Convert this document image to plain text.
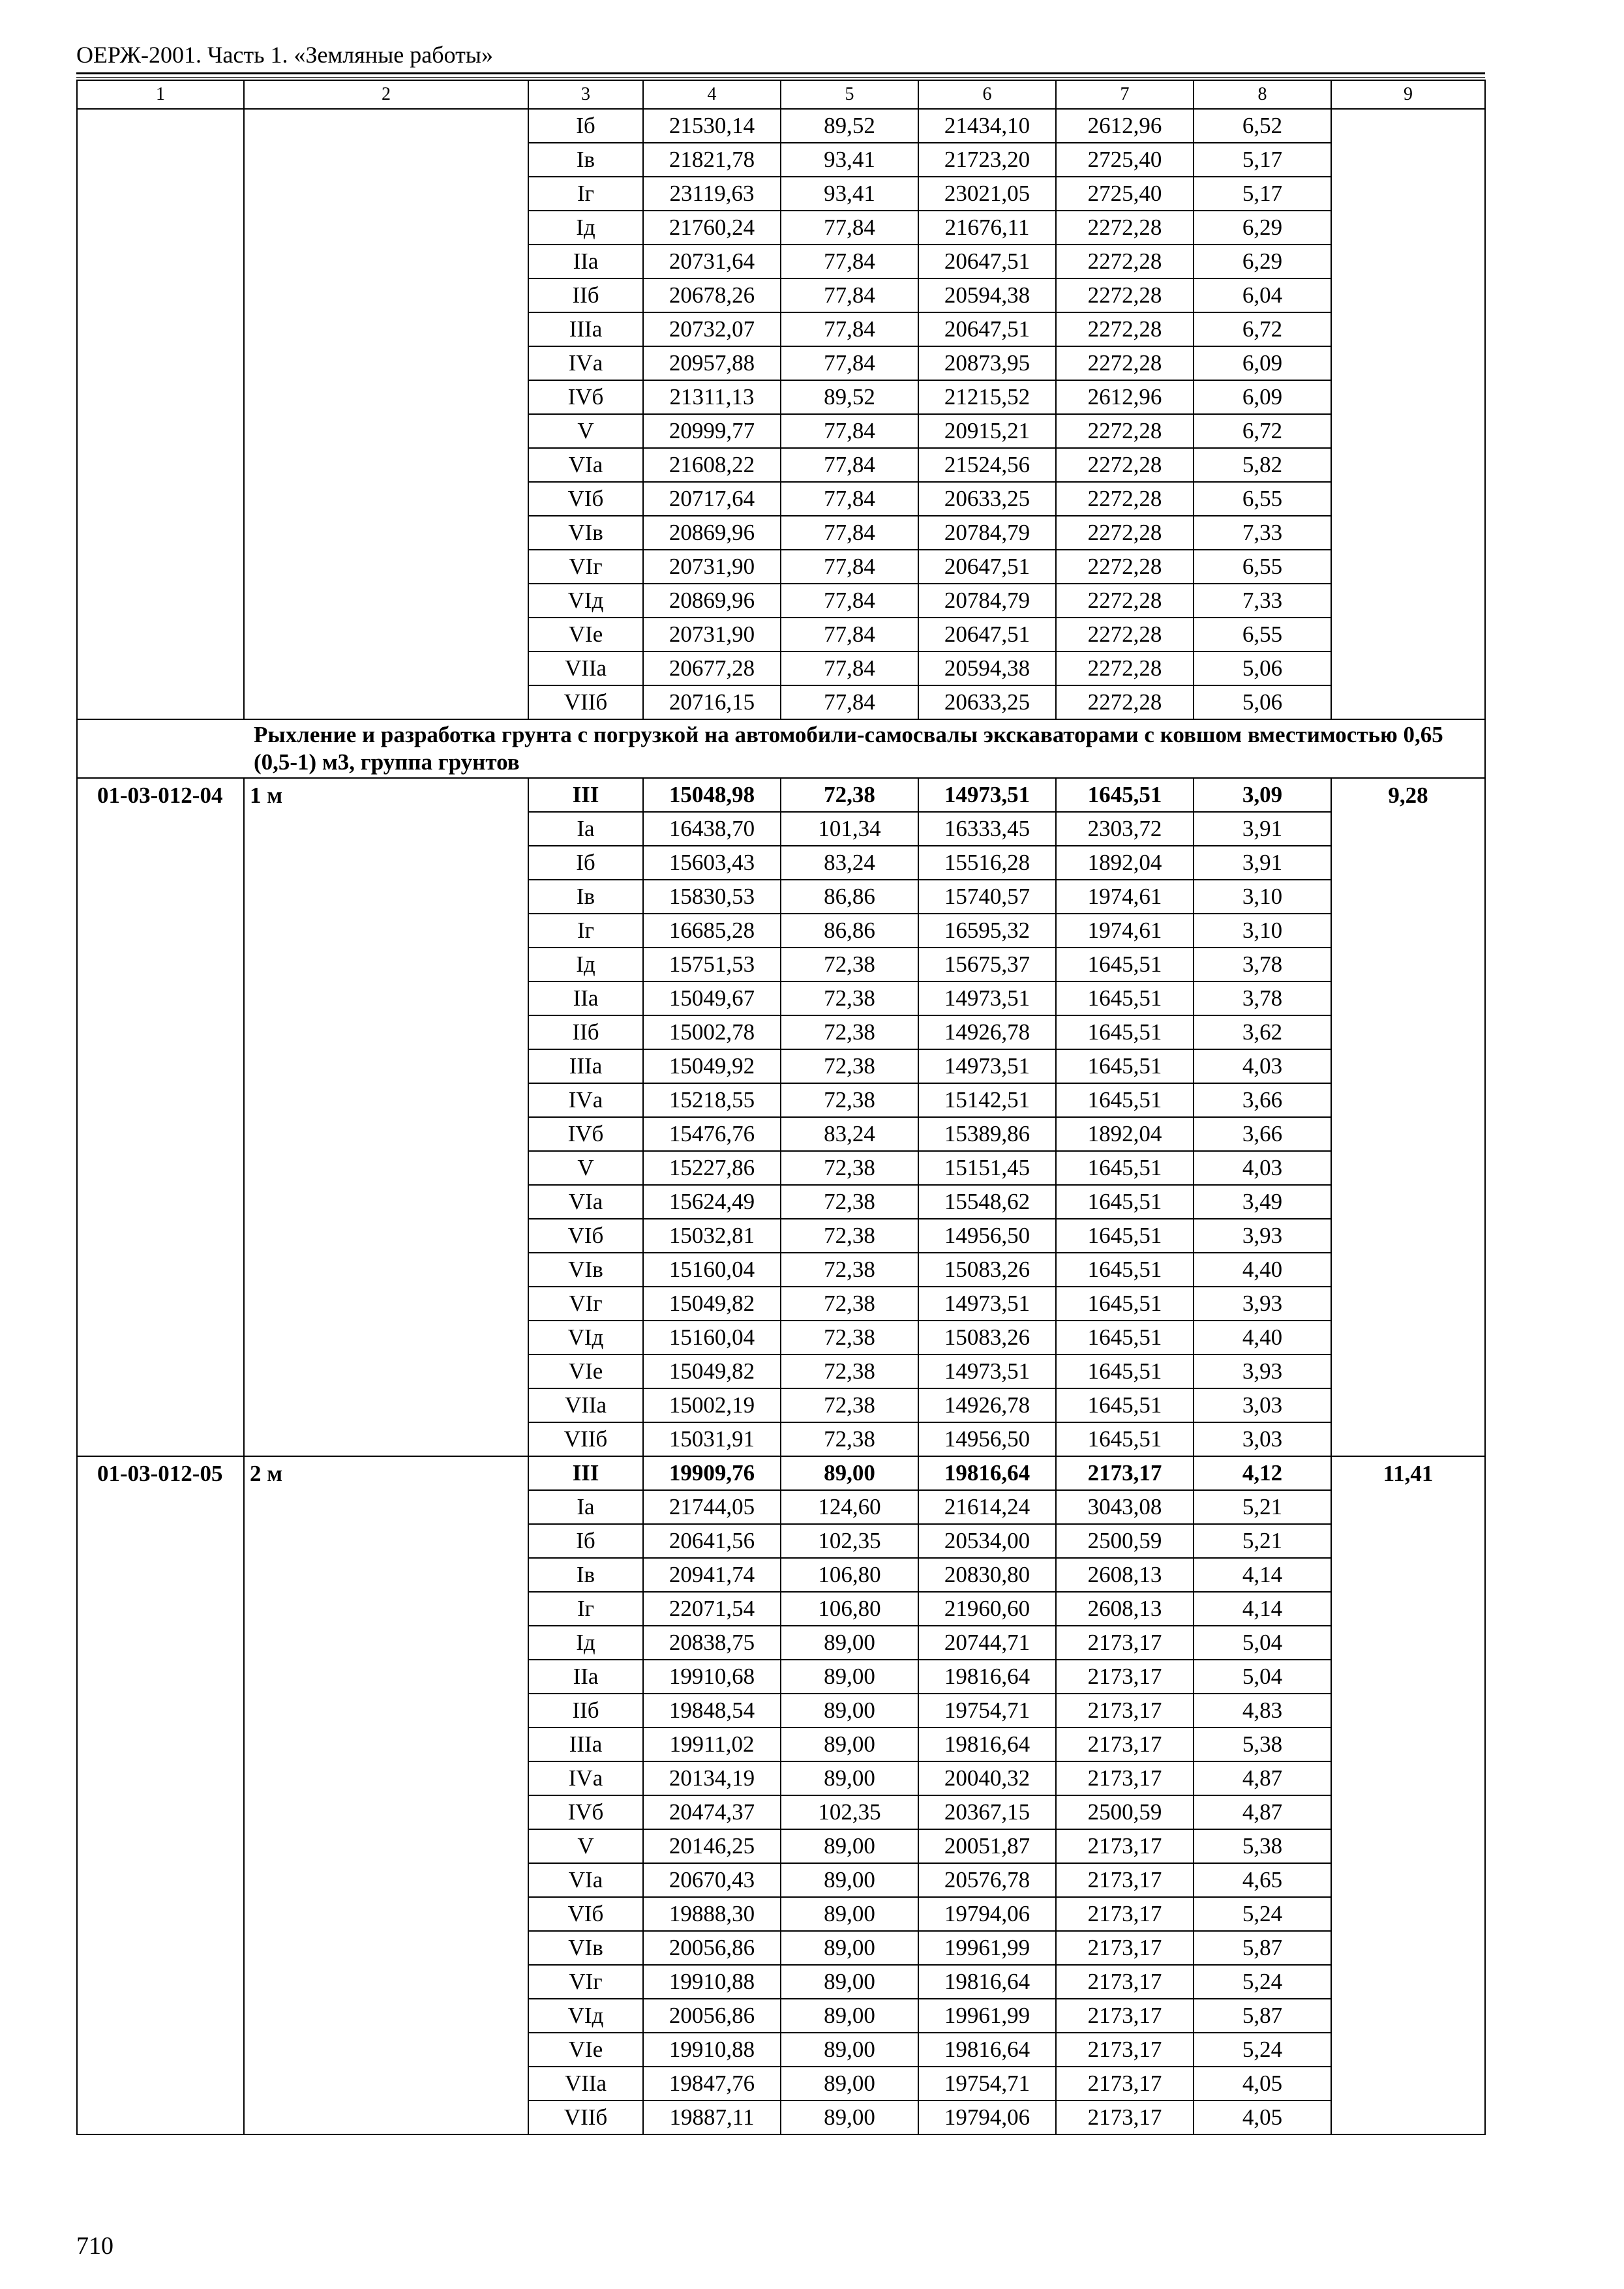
ОЕРЖ-2001. Часть 1. «Земляные работы»
1	2	3	4	5	6	7	8	9
		Iб	21530,14	89,52	21434,10	2612,96	6,52	
		Iв	21821,78	93,41	21723,20	2725,40	5,17	
		Iг	23119,63	93,41	23021,05	2725,40	5,17	
		Iд	21760,24	77,84	21676,11	2272,28	6,29	
		IIа	20731,64	77,84	20647,51	2272,28	6,29	
		IIб	20678,26	77,84	20594,38	2272,28	6,04	
		IIIа	20732,07	77,84	20647,51	2272,28	6,72	
		IVа	20957,88	77,84	20873,95	2272,28	6,09	
		IVб	21311,13	89,52	21215,52	2612,96	6,09	
		V	20999,77	77,84	20915,21	2272,28	6,72	
		VIа	21608,22	77,84	21524,56	2272,28	5,82	
		VIб	20717,64	77,84	20633,25	2272,28	6,55	
		VIв	20869,96	77,84	20784,79	2272,28	7,33	
		VIг	20731,90	77,84	20647,51	2272,28	6,55	
		VIд	20869,96	77,84	20784,79	2272,28	7,33	
		VIе	20731,90	77,84	20647,51	2272,28	6,55	
		VIIа	20677,28	77,84	20594,38	2272,28	5,06	
		VIIб	20716,15	77,84	20633,25	2272,28	5,06	
Рыхление и разработка грунта с погрузкой на автомобили-самосвалы экскаваторами с ковшом вместимостью 0,65 (0,5-1) м3, группа грунтов								
01-03-012-04	1 м	III	15048,98	72,38	14973,51	1645,51	3,09	9,28
		Iа	16438,70	101,34	16333,45	2303,72	3,91	
		Iб	15603,43	83,24	15516,28	1892,04	3,91	
		Iв	15830,53	86,86	15740,57	1974,61	3,10	
		Iг	16685,28	86,86	16595,32	1974,61	3,10	
		Iд	15751,53	72,38	15675,37	1645,51	3,78	
		IIа	15049,67	72,38	14973,51	1645,51	3,78	
		IIб	15002,78	72,38	14926,78	1645,51	3,62	
		IIIа	15049,92	72,38	14973,51	1645,51	4,03	
		IVа	15218,55	72,38	15142,51	1645,51	3,66	
		IVб	15476,76	83,24	15389,86	1892,04	3,66	
		V	15227,86	72,38	15151,45	1645,51	4,03	
		VIа	15624,49	72,38	15548,62	1645,51	3,49	
		VIб	15032,81	72,38	14956,50	1645,51	3,93	
		VIв	15160,04	72,38	15083,26	1645,51	4,40	
		VIг	15049,82	72,38	14973,51	1645,51	3,93	
		VIд	15160,04	72,38	15083,26	1645,51	4,40	
		VIе	15049,82	72,38	14973,51	1645,51	3,93	
		VIIа	15002,19	72,38	14926,78	1645,51	3,03	
		VIIб	15031,91	72,38	14956,50	1645,51	3,03	
01-03-012-05	2 м	III	19909,76	89,00	19816,64	2173,17	4,12	11,41
		Iа	21744,05	124,60	21614,24	3043,08	5,21	
		Iб	20641,56	102,35	20534,00	2500,59	5,21	
		Iв	20941,74	106,80	20830,80	2608,13	4,14	
		Iг	22071,54	106,80	21960,60	2608,13	4,14	
		Iд	20838,75	89,00	20744,71	2173,17	5,04	
		IIа	19910,68	89,00	19816,64	2173,17	5,04	
		IIб	19848,54	89,00	19754,71	2173,17	4,83	
		IIIа	19911,02	89,00	19816,64	2173,17	5,38	
		IVа	20134,19	89,00	20040,32	2173,17	4,87	
		IVб	20474,37	102,35	20367,15	2500,59	4,87	
		V	20146,25	89,00	20051,87	2173,17	5,38	
		VIа	20670,43	89,00	20576,78	2173,17	4,65	
		VIб	19888,30	89,00	19794,06	2173,17	5,24	
		VIв	20056,86	89,00	19961,99	2173,17	5,87	
		VIг	19910,88	89,00	19816,64	2173,17	5,24	
		VIд	20056,86	89,00	19961,99	2173,17	5,87	
		VIе	19910,88	89,00	19816,64	2173,17	5,24	
		VIIа	19847,76	89,00	19754,71	2173,17	4,05	
		VIIб	19887,11	89,00	19794,06	2173,17	4,05	
710
